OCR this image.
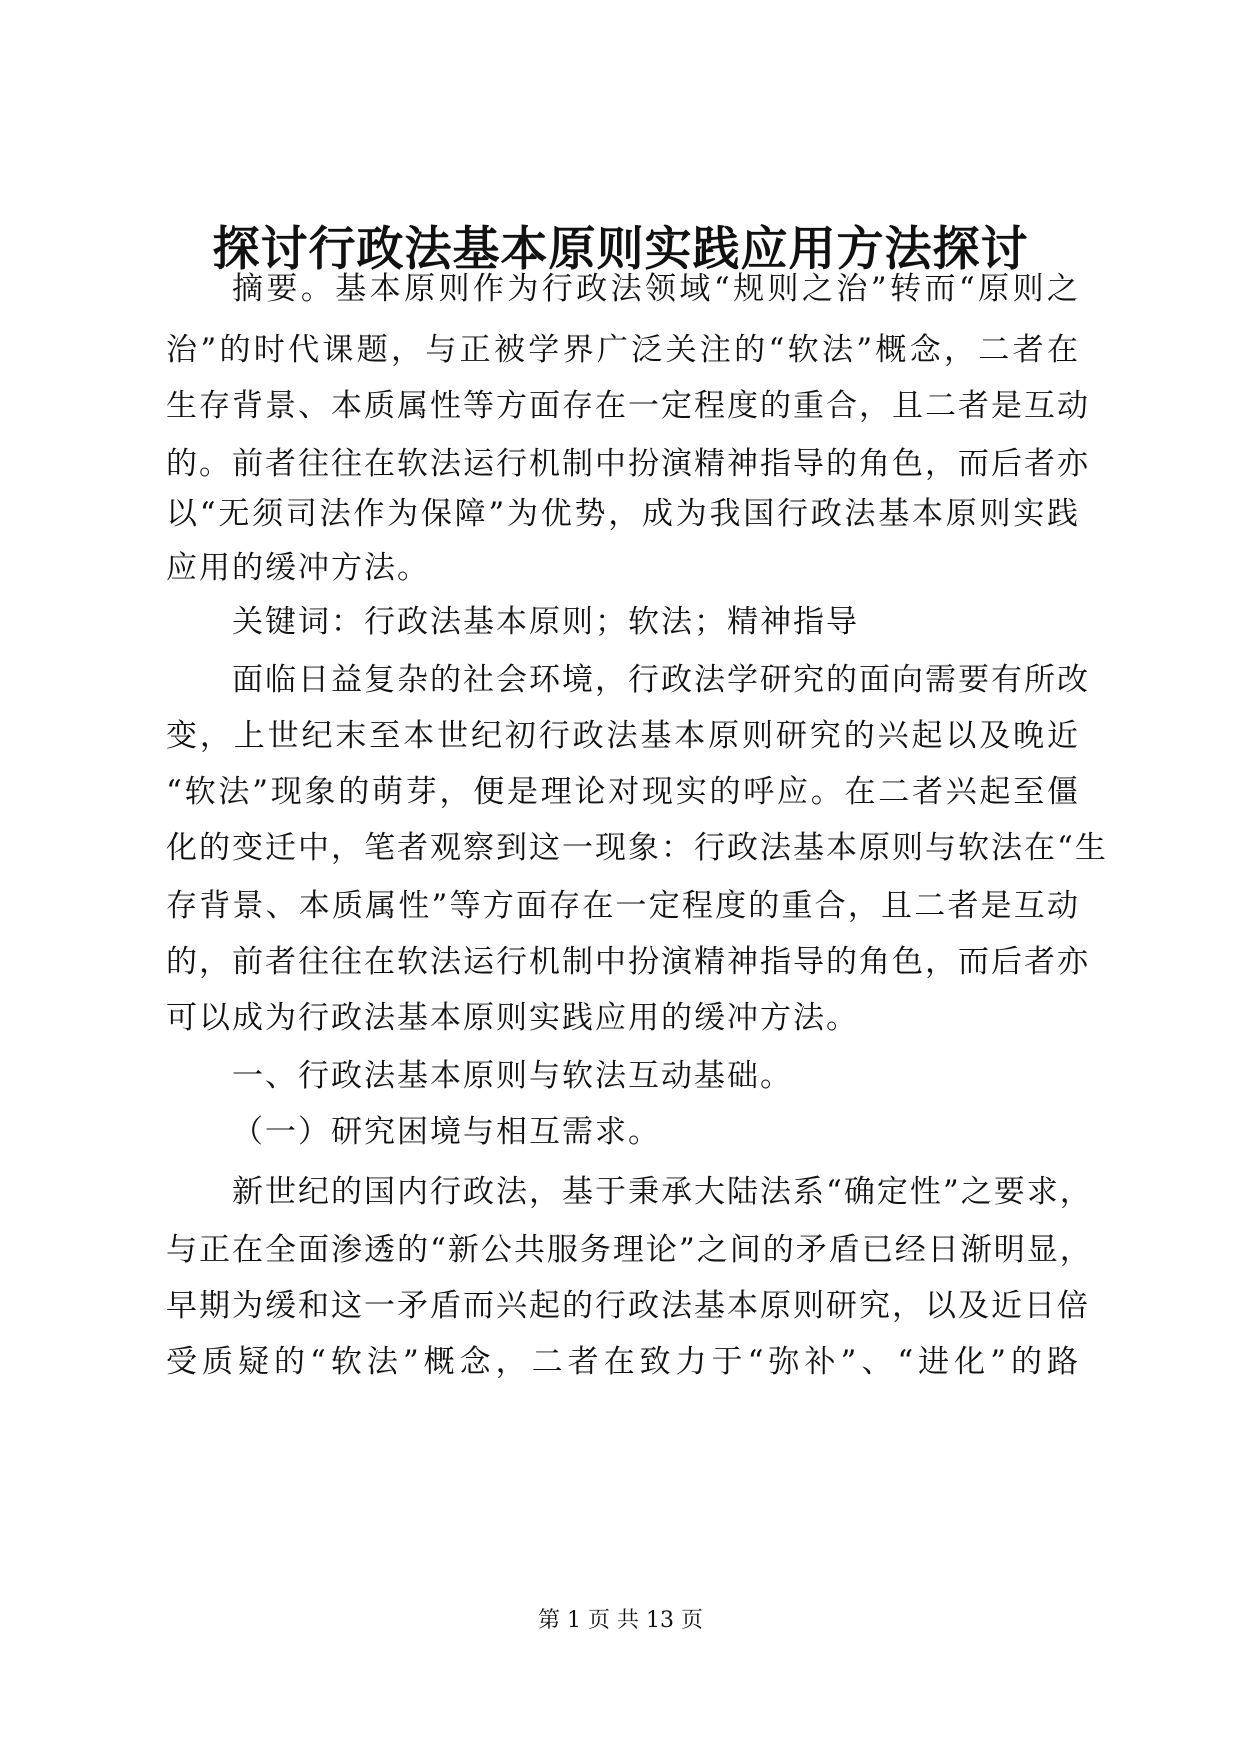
探讨行政法基本原则实践应用方法探讨
摘要。基本原则作为行政法领域“规则之治”转而“原则之
治”的时代课题，与正被学界广泛关注的“软法”概念，二者在
生存背景、本质属性等方面存在一定程度的重合，且二者是互动
的。前者往往在软法运行机制中扮演精神指导的角色，而后者亦
以“无须司法作为保障”为优势，成为我国行政法基本原则实践
应用的缓冲方法。
关键词：行政法基本原则；软法；精神指导
面临日益复杂的社会环境，行政法学研究的面向需要有所改
变，上世纪末至本世纪初行政法基本原则研究的兴起以及晚近
“软法”现象的萌芽，便是理论对现实的呼应。在二者兴起至僵
化的变迁中，笔者观察到这一现象：行政法基本原则与软法在“生
存背景、本质属性”等方面存在一定程度的重合，且二者是互动
的，前者往往在软法运行机制中扮演精神指导的角色，而后者亦
可以成为行政法基本原则实践应用的缓冲方法。
一、行政法基本原则与软法互动基础。
（一）研究困境与相互需求。
新世纪的国内行政法，基于秉承大陆法系“确定性”之要求，
与正在全面渗透的“新公共服务理论”之间的矛盾已经日渐明显，
早期为缓和这一矛盾而兴起的行政法基本原则研究，以及近日倍
受质疑的“软法”概念，二者在致力于“弥补”、“进化”的路
第 1 页 共 13 页
